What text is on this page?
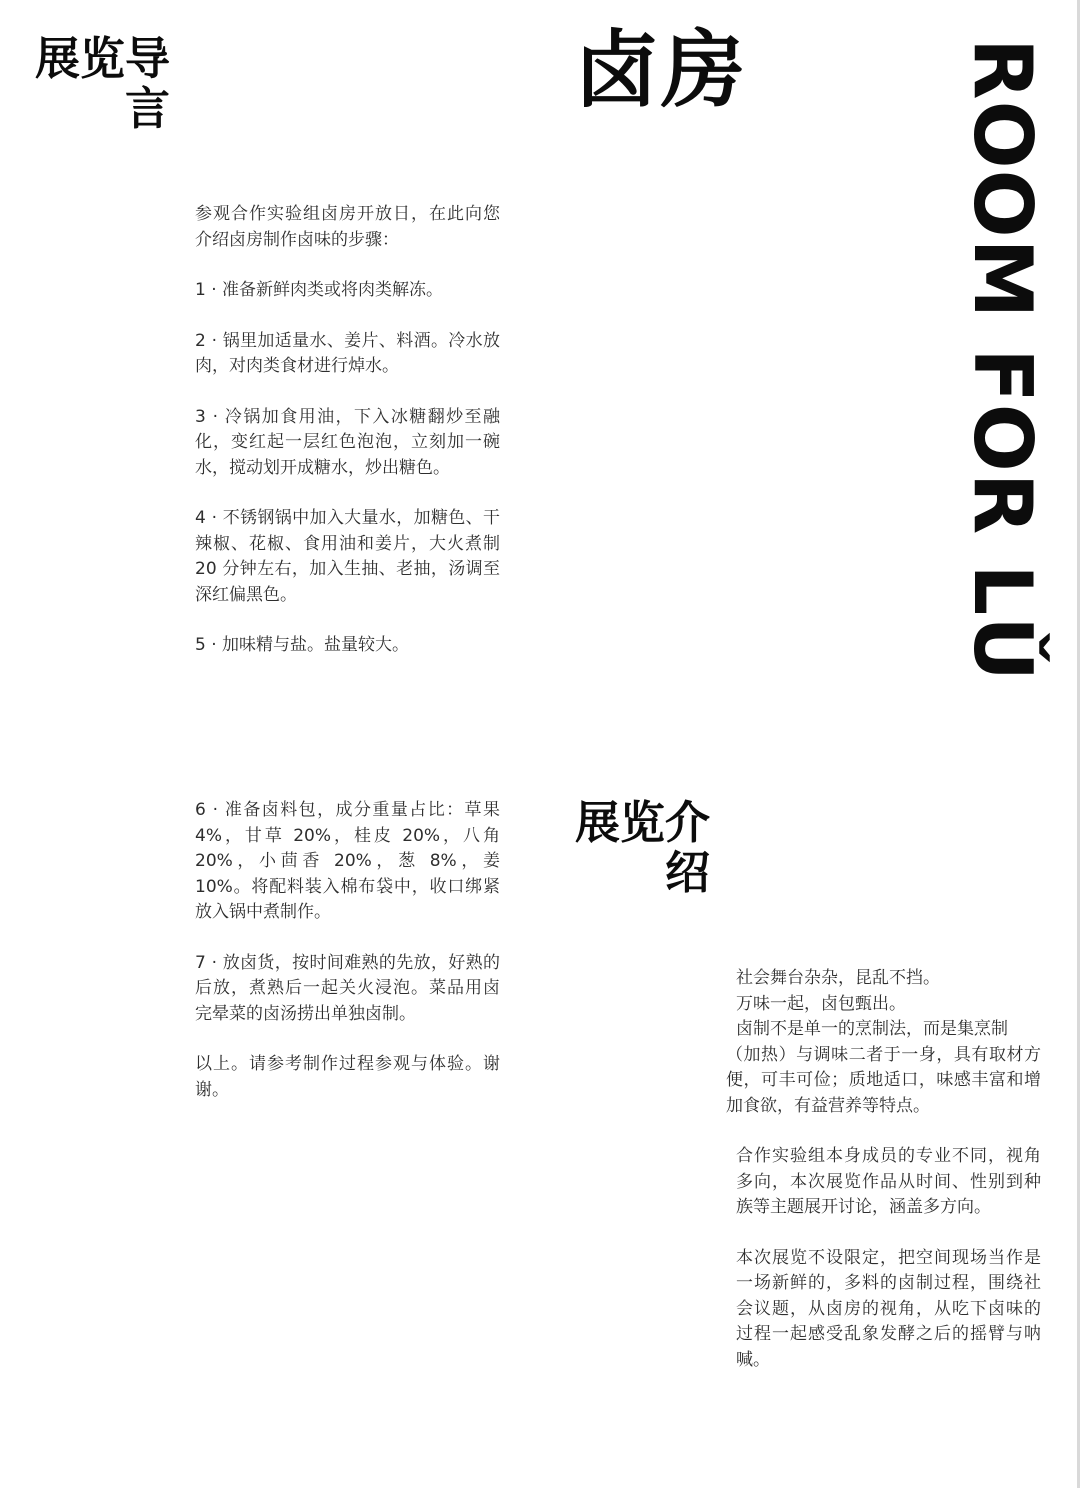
展览导
言	卤房	ROOM FOR LǓ

参观合作实验组卤房开放日，在此向您介绍卤房制作卤味的步骤：

1 · 准备新鲜肉类或将肉类解冻。

2 · 锅里加适量水、姜片、料酒。冷水放肉，对肉类食材进行焯水。

3 · 冷锅加食用油，下入冰糖翻炒至融化，变红起一层红色泡泡，立刻加一碗水，搅动划开成糖水，炒出糖色。

4 · 不锈钢锅中加入大量水，加糖色、干辣椒、花椒、食用油和姜片，大火煮制 20 分钟左右，加入生抽、老抽，汤调至深红偏黑色。

5 · 加味精与盐。盐量较大。

6 · 准备卤料包，成分重量占比：草果 4%，甘草 20%，桂皮 20%，八角 20%，小茴香 20%，葱 8%，姜 10%。将配料装入棉布袋中，收口绑紧放入锅中煮制作。

7 · 放卤货，按时间难熟的先放，好熟的后放，煮熟后一起关火浸泡。菜品用卤完晕菜的卤汤捞出单独卤制。

以上。请参考制作过程参观与体验。谢谢。

展览介
绍

社会舞台杂杂，昆乱不挡。
万味一起，卤包甄出。
卤制不是单一的烹制法，而是集烹制
（加热）与调味二者于一身，具有取材方便，可丰可俭；质地适口，味感丰富和增加食欲，有益营养等特点。

合作实验组本身成员的专业不同，视角多向，本次展览作品从时间、性别到种族等主题展开讨论，涵盖多方向。

本次展览不设限定，把空间现场当作是一场新鲜的，多料的卤制过程，围绕社会议题，从卤房的视角，从吃下卤味的过程一起感受乱象发酵之后的摇臂与呐喊。
